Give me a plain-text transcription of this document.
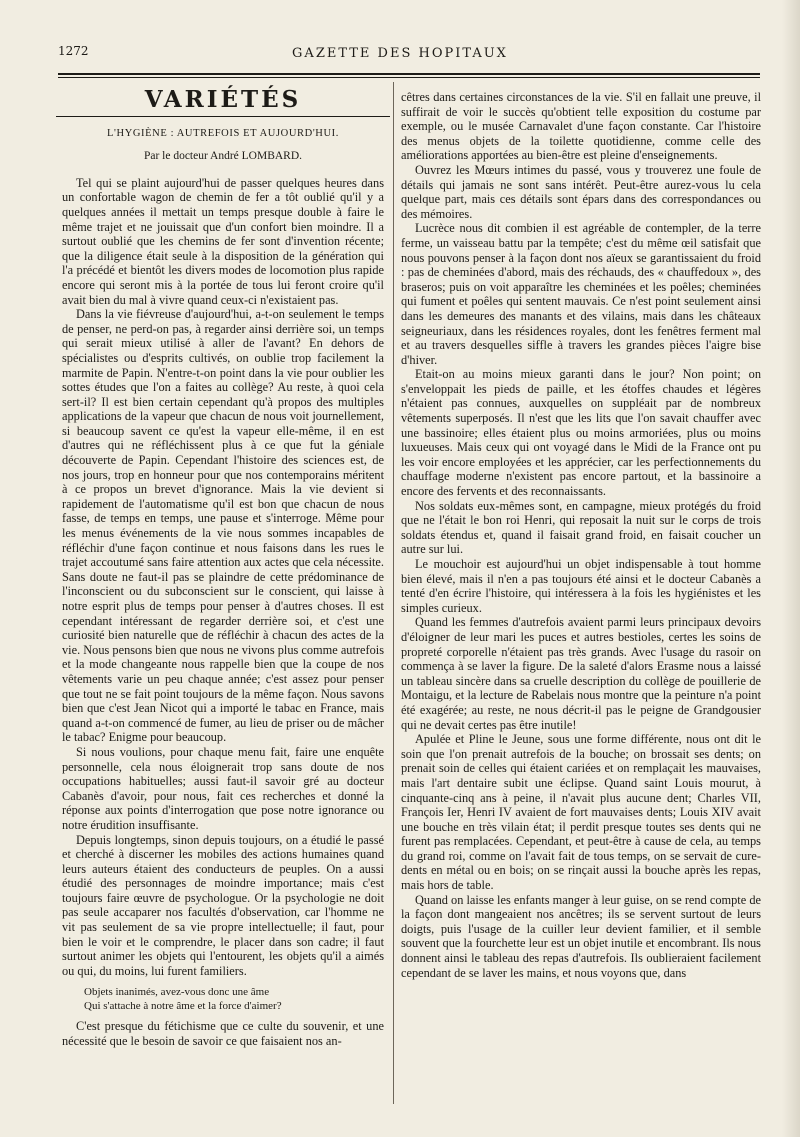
1272	GAZETTE DES HOPITAUX
VARIÉTÉS
L'HYGIÈNE : AUTREFOIS ET AUJOURD'HUI.
Par le docteur André LOMBARD.

Tel qui se plaint aujourd'hui de passer quelques heures dans un confortable wagon de chemin de fer a tôt oublié qu'il y a quelques années il mettait un temps presque double à faire le même trajet et ne jouissait que d'un confort bien moindre. Il a surtout oublié que les chemins de fer sont d'invention récente; que la diligence était seule à la disposition de la génération qui l'a précédé et bientôt les divers modes de locomotion plus rapide encore qui seront mis à la portée de tous lui feront croire qu'il avait bien du mal à vivre quand ceux-ci n'existaient pas.

Dans la vie fiévreuse d'aujourd'hui, a-t-on seulement le temps de penser, ne perd-on pas, à regarder ainsi derrière soi, un temps qui serait mieux utilisé à aller de l'avant? En dehors de spécialistes ou d'esprits cultivés, on oublie trop facilement la marmite de Papin. N'entre-t-on point dans la vie pour oublier les sottes études que l'on a faites au collège? Au reste, à quoi cela sert-il? Il est bien certain cependant qu'à propos des multiples applications de la vapeur que chacun de nous voit journellement, si beaucoup savent ce qu'est la vapeur elle-même, il en est d'autres qui ne réfléchissent plus à ce que fut la géniale découverte de Papin. Cependant l'histoire des sciences est, de nos jours, trop en honneur pour que nos contemporains méritent à ce propos un brevet d'ignorance. Mais la vie devient si rapidement de l'automatisme qu'il est bon que chacun de nous fasse, de temps en temps, une pause et s'interroge. Même pour les menus événements de la vie nous sommes incapables de réfléchir d'une façon continue et nous faisons dans les rues le trajet accoutumé sans faire attention aux actes que cela nécessite. Sans doute ne faut-il pas se plaindre de cette prédominance de l'inconscient ou du subconscient sur le conscient, qui laisse à notre esprit plus de temps pour penser à d'autres choses. Il est cependant intéressant de regarder derrière soi, et c'est une curiosité bien naturelle que de réfléchir à chacun des actes de la vie. Nous pensons bien que nous ne vivons plus comme autrefois et la mode changeante nous rappelle bien que la coupe de nos vêtements varie un peu chaque année; c'est assez pour penser que tout ne se fait point toujours de la même façon. Nous savons bien que c'est Jean Nicot qui a importé le tabac en France, mais quand a-t-on commencé de fumer, au lieu de priser ou de mâcher le tabac? Enigme pour beaucoup.

Si nous voulions, pour chaque menu fait, faire une enquête personnelle, cela nous éloignerait trop sans doute de nos occupations habituelles; aussi faut-il savoir gré au docteur Cabanès d'avoir, pour nous, fait ces recherches et donné la réponse aux points d'interrogation que pose notre ignorance ou notre érudition insuffisante.

Depuis longtemps, sinon depuis toujours, on a étudié le passé et cherché à discerner les mobiles des actions humaines quand leurs auteurs étaient des conducteurs de peuples. On a aussi étudié des personnages de moindre importance; mais c'est toujours faire œuvre de psychologue. Or la psychologie ne doit pas seule accaparer nos facultés d'observation, car l'homme ne vit pas seulement de sa vie propre intellectuelle; il faut, pour bien le voir et le comprendre, le placer dans son cadre; il faut surtout animer les objets qui l'entourent, les objets qu'il a aimés ou qui, du moins, lui furent familiers.

Objets inanimés, avez-vous donc une âme
Qui s'attache à notre âme et la force d'aimer?

C'est presque du fétichisme que ce culte du souvenir, et une nécessité que le besoin de savoir ce que faisaient nos an-

cêtres dans certaines circonstances de la vie. S'il en fallait une preuve, il suffirait de voir le succès qu'obtient telle exposition du costume par exemple, ou le musée Carnavalet d'une façon constante. Car l'histoire des menus objets de la toilette quotidienne, comme celle des améliorations apportées au bien-être est pleine d'enseignements.

Ouvrez les Mœurs intimes du passé, vous y trouverez une foule de détails qui jamais ne sont sans intérêt. Peut-être aurez-vous lu cela quelque part, mais ces détails sont épars dans des correspondances ou des mémoires.

Lucrèce nous dit combien il est agréable de contempler, de la terre ferme, un vaisseau battu par la tempête; c'est du même œil satisfait que nous pouvons penser à la façon dont nos aïeux se garantissaient du froid : pas de cheminées d'abord, mais des réchauds, des « chauffedoux », des braseros; puis on voit apparaître les cheminées et les poêles; cheminées qui fument et poêles qui sentent mauvais. Ce n'est point seulement ainsi dans les demeures des manants et des vilains, mais dans les châteaux seigneuriaux, dans les résidences royales, dont les fenêtres ferment mal et au travers desquelles siffle à travers les grandes pièces l'aigre bise d'hiver.

Etait-on au moins mieux garanti dans le jour? Non point; on s'enveloppait les pieds de paille, et les étoffes chaudes et légères n'étaient pas connues, auxquelles on suppléait par de nombreux vêtements superposés. Il n'est que les lits que l'on savait chauffer avec une bassinoire; elles étaient plus ou moins armoriées, plus ou moins luxueuses. Mais ceux qui ont voyagé dans le Midi de la France ont pu les voir encore employées et les apprécier, car les perfectionnements du chauffage moderne n'existent pas encore partout, et la bassinoire a encore des fervents et des reconnaissants.

Nos soldats eux-mêmes sont, en campagne, mieux protégés du froid que ne l'était le bon roi Henri, qui reposait la nuit sur le corps de trois soldats étendus et, quand il faisait grand froid, en faisait coucher un autre sur lui.

Le mouchoir est aujourd'hui un objet indispensable à tout homme bien élevé, mais il n'en a pas toujours été ainsi et le docteur Cabanès a tenté d'en écrire l'histoire, qui intéressera à la fois les hygiénistes et les simples curieux.

Quand les femmes d'autrefois avaient parmi leurs principaux devoirs d'éloigner de leur mari les puces et autres bestioles, certes les soins de propreté corporelle n'étaient pas très grands. Avec l'usage du rasoir on commença à se laver la figure. De la saleté d'alors Erasme nous a laissé un tableau sincère dans sa cruelle description du collège de pouillerie de Montaigu, et la lecture de Rabelais nous montre que la peinture n'a point été exagérée; au reste, ne nous décrit-il pas le peigne de Grandgousier qui ne devait certes pas être inutile!

Apulée et Pline le Jeune, sous une forme différente, nous ont dit le soin que l'on prenait autrefois de la bouche; on brossait ses dents; on prenait soin de celles qui étaient cariées et on remplaçait les mauvaises, mais l'art dentaire subit une éclipse. Quand saint Louis mourut, à cinquante-cinq ans à peine, il n'avait plus aucune dent; Charles VII, François Ier, Henri IV avaient de fort mauvaises dents; Louis XIV avait une bouche en très vilain état; il perdit presque toutes ses dents qui ne furent pas remplacées. Cependant, et peut-être à cause de cela, au temps du grand roi, comme on l'avait fait de tous temps, on se servait de cure-dents en métal ou en bois; on se rinçait aussi la bouche après les repas, mais hors de table.

Quand on laisse les enfants manger à leur guise, on se rend compte de la façon dont mangeaient nos ancêtres; ils se servent surtout de leurs doigts, puis l'usage de la cuiller leur devient familier, et il semble souvent que la fourchette leur est un objet inutile et encombrant. Ils nous donnent ainsi le tableau des repas d'autrefois. Ils oublieraient facilement cependant de se laver les mains, et nous voyons que, dans
